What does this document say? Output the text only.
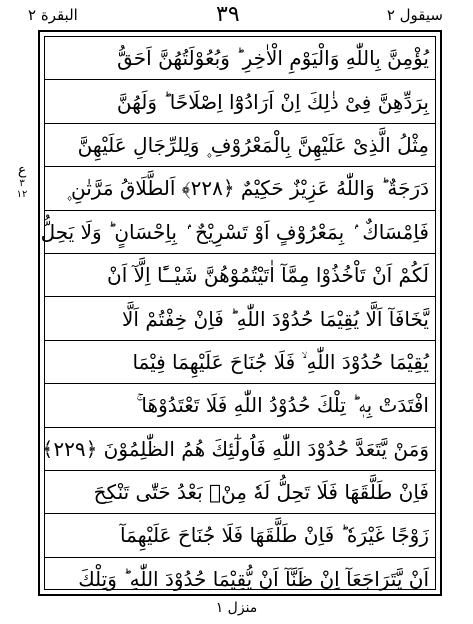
البقرة ٢	٣٩	سيقول ٢
ع
٣
١٢
يُؤْمِنَّ بِاللّٰهِ وَالْيَوْمِ الْاٰخِرِ ؕ وَبُعُوْلَتُهُنَّ اَحَقُّ
بِرَدِّهِنَّ فِىْ ذٰلِكَ اِنْ اَرَادُوْٓا اِصْلَاحًا ؕ وَلَهُنَّ
مِثْلُ الَّذِىْ عَلَيْهِنَّ بِالْمَعْرُوْفِ ۪ وَلِلرِّجَالِ عَلَيْهِنَّ
دَرَجَةٌ ؕ وَاللّٰهُ عَزِيْزٌ حَكِيْمٌ ﴿۲۲۸﴾ اَلطَّلَاقُ مَرَّتٰنِ ۪
فَاِمْسَاكٌ ۢ بِمَعْرُوْفٍ اَوْ تَسْرِيْحٌ ۢ بِاِحْسَانٍ ؕ وَلَا يَحِلُّ
لَكُمْ اَنْ تَاْخُذُوْا مِمَّآ اٰتَيْتُمُوْهُنَّ شَيْــًٔا اِلَّآ اَنْ
يَّخَافَآ اَلَّا يُقِيْمَا حُدُوْدَ اللّٰهِ ؕ فَاِنْ خِفْتُمْ اَلَّا
يُقِيْمَا حُدُوْدَ اللّٰهِ ۙ فَلَا جُنَاحَ عَلَيْهِمَا فِيْمَا
افْتَدَتْ بِهٖ ؕ تِلْكَ حُدُوْدُ اللّٰهِ فَلَا تَعْتَدُوْهَا ۚ
وَمَنْ يَّتَعَدَّ حُدُوْدَ اللّٰهِ فَاُولٰٓئِكَ هُمُ الظّٰلِمُوْنَ ﴿۲۲۹﴾
فَاِنْ طَلَّقَهَا فَلَا تَحِلُّ لَهٗ مِنْۢ بَعْدُ حَتّٰى تَنْكِحَ
زَوْجًا غَيْرَهٗ ؕ فَاِنْ طَلَّقَهَا فَلَا جُنَاحَ عَلَيْهِمَآ
اَنْ يَّتَرَاجَعَآ اِنْ ظَنَّآ اَنْ يُّقِيْمَا حُدُوْدَ اللّٰهِ ؕ وَتِلْكَ
منزل ١
